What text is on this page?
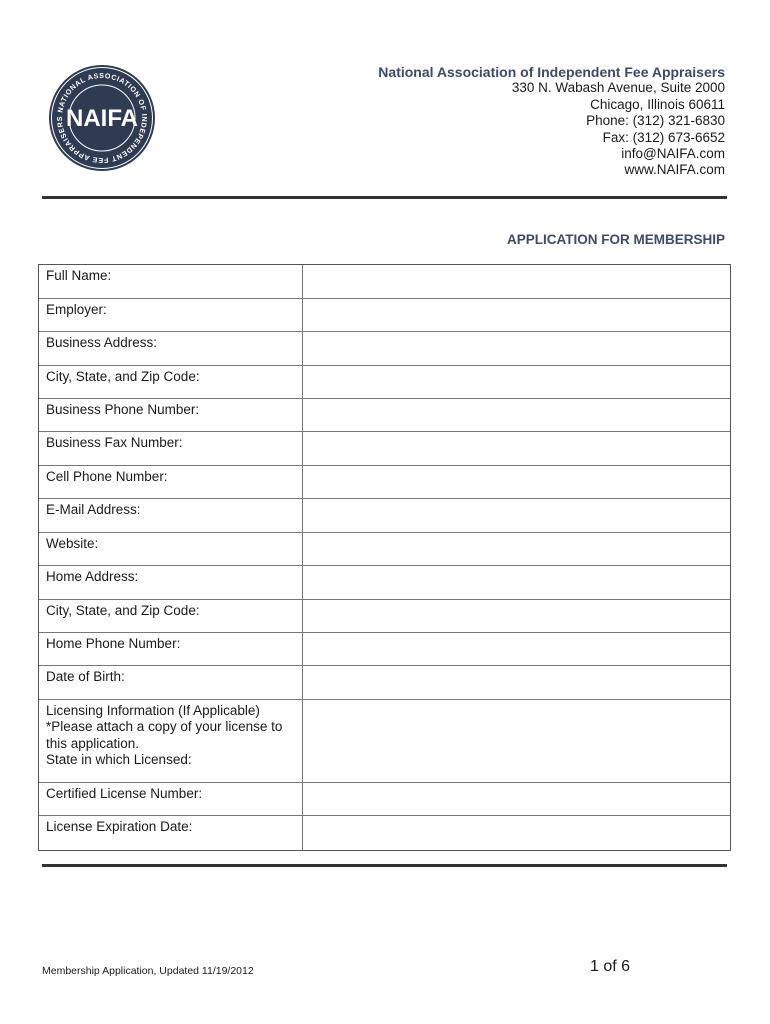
NATIONAL ASSOCIATION OF INDEPENDENT FEE APPRAISERS NAIFA
National Association of Independent Fee Appraisers
330 N. Wabash Avenue, Suite 2000
Chicago, Illinois 60611
Phone: (312) 321-6830
Fax: (312) 673-6652
info@NAIFA.com
www.NAIFA.com
APPLICATION FOR MEMBERSHIP
Full Name:
Employer:
Business Address:
City, State, and Zip Code:
Business Phone Number:
Business Fax Number:
Cell Phone Number:
E-Mail Address:
Website:
Home Address:
City, State, and Zip Code:
Home Phone Number:
Date of Birth:
Licensing Information (If Applicable)
*Please attach a copy of your license to this application.
State in which Licensed:
Certified License Number:
License Expiration Date:
Membership Application, Updated 11/19/2012	1 of 6
